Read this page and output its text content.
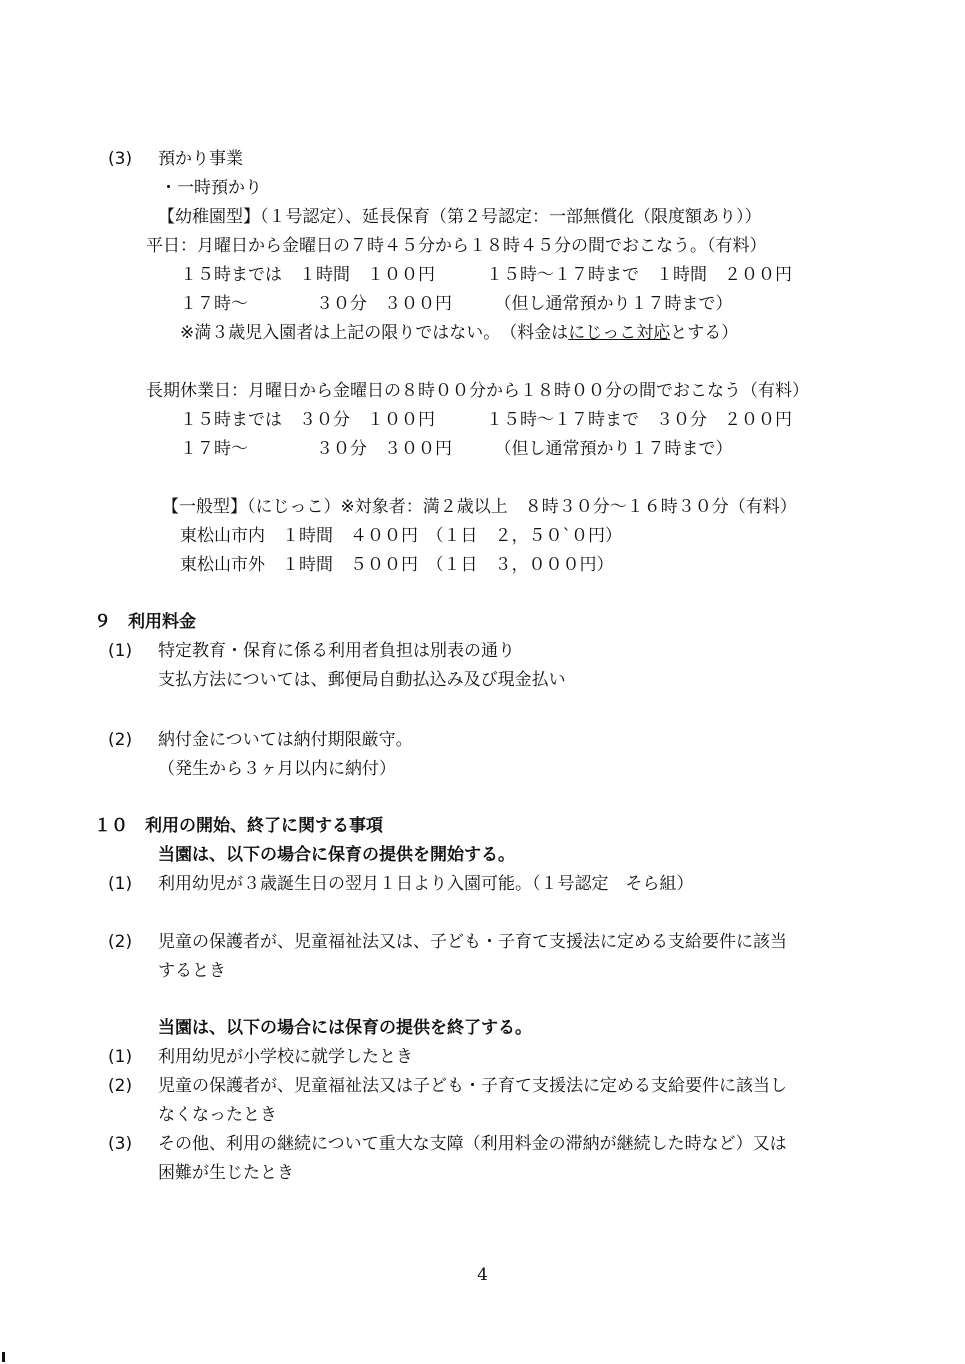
(3) 預かり事業
・一時預かり
【幼稚園型】（１号認定）、延長保育（第２号認定：一部無償化（限度額あり））
平日：月曜日から金曜日の７時４５分から１８時４５分の間でおこなう。（有料）
１５時までは　１時間　１００円　　　１５時～１７時まで　１時間　２００円
１７時～　　　　３０分　３００円　　　（但し通常預かり１７時まで）
※満３歳児入園者は上記の限りではない。　（料金はにじっこ対応とする）
長期休業日：月曜日から金曜日の８時００分から１８時００分の間でおこなう（有料）
１５時までは　３０分　１００円　　　１５時～１７時まで　３０分　２００円
１７時～　　　　３０分　３００円　　　（但し通常預かり１７時まで）
【一般型】（にじっこ）※対象者：満２歳以上　８時３０分～１６時３０分（有料）
東松山市内　１時間　４００円　（１日　２，５０`０円）
東松山市外　１時間　５００円　（１日　３，０００円）
９　利用料金
(1) 特定教育・保育に係る利用者負担は別表の通り
支払方法については、郵便局自動払込み及び現金払い
(2) 納付金については納付期限厳守。
（発生から３ヶ月以内に納付）
１０　利用の開始、終了に関する事項
当園は、以下の場合に保育の提供を開始する。
(1) 利用幼児が３歳誕生日の翌月１日より入園可能。（１号認定　そら組）
(2) 児童の保護者が、児童福祉法又は、子ども・子育て支援法に定める支給要件に該当
するとき
当園は、以下の場合には保育の提供を終了する。
(1) 利用幼児が小学校に就学したとき
(2) 児童の保護者が、児童福祉法又は子ども・子育て支援法に定める支給要件に該当し
なくなったとき
(3) その他、利用の継続について重大な支障（利用料金の滞納が継続した時など）又は
困難が生じたとき
4
